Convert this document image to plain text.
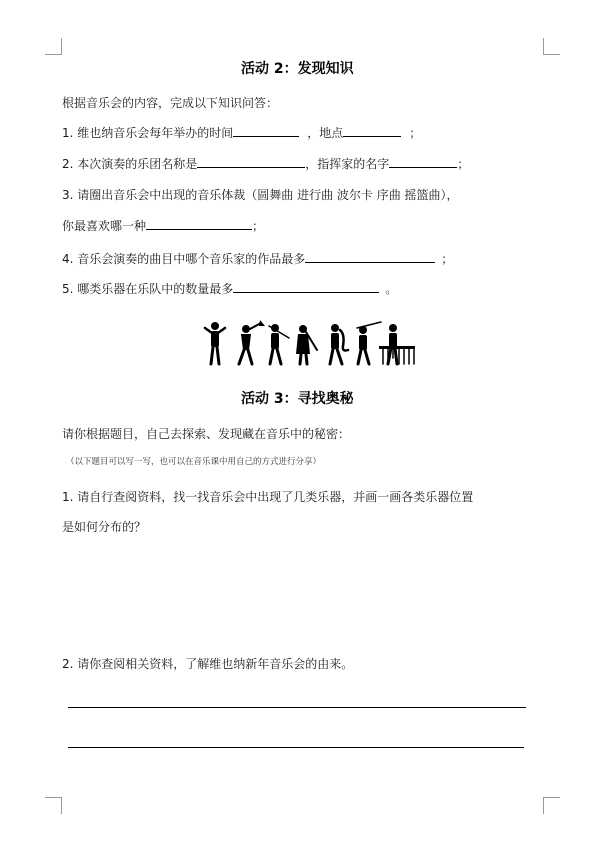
活动 2：发现知识
根据音乐会的内容，完成以下知识问答：
1. 维也纳音乐会每年举办的时间	，地点	；
2. 本次演奏的乐团名称是	，指挥家的名字	；
3. 请圈出音乐会中出现的音乐体裁（圆舞曲 进行曲 波尔卡 序曲 摇篮曲），
你最喜欢哪一种	；
4. 音乐会演奏的曲目中哪个音乐家的作品最多	；
5. 哪类乐器在乐队中的数量最多	。
活动 3：寻找奥秘
请你根据题目，自己去探索、发现藏在音乐中的秘密：
（以下题目可以写一写，也可以在音乐课中用自己的方式进行分享）
1. 请自行查阅资料，找一找音乐会中出现了几类乐器，并画一画各类乐器位置
是如何分布的？
2. 请你查阅相关资料，了解维也纳新年音乐会的由来。
